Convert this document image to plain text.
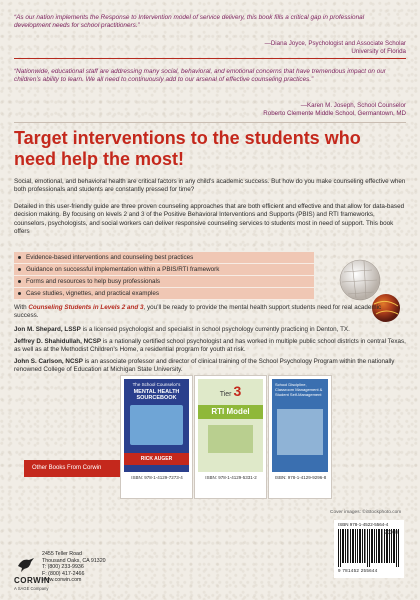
“As our nation implements the Response to Intervention model of service delivery, this book fills a critical gap in professional development needs for school practitioners.”
—Diana Joyce, Psychologist and Associate Scholar
University of Florida
“Nationwide, educational staff are addressing many social, behavioral, and emotional concerns that have tremendous impact on our children’s ability to learn. We all need to continuously add to our arsenal of effective counseling practices.”
—Karen M. Joseph, School Counselor
Roberto Clemente Middle School, Germantown, MD
Target interventions to the students who need help the most!
Social, emotional, and behavioral health are critical factors in any child’s academic success. But how do you make counseling effective when both professionals and students are constantly pressed for time?
Detailed in this user-friendly guide are three proven counseling approaches that are both efficient and effective and that allow for data-based decision making. By focusing on levels 2 and 3 of the Positive Behavioral Interventions and Supports (PBIS) and RTI frameworks, counselors, psychologists, and social workers can deliver responsive counseling services to students most in need of support. This book offers
Evidence-based interventions and counseling best practices
Guidance on successful implementation within a PBIS/RTI framework
Forms and resources to help busy professionals
Case studies, vignettes, and practical examples
With Counseling Students in Levels 2 and 3, you’ll be ready to provide the mental health support students need for real academic success.
Jon M. Shepard, LSSP is a licensed psychologist and specialist in school psychology currently practicing in Denton, TX.
Jeffrey D. Shahidullah, NCSP is a nationally certified school psychologist and has worked in multiple public school districts in central Texas, as well as at the Methodist Children’s Home, a residential program for youth at risk.
John S. Carlson, NCSP is an associate professor and director of clinical training of the School Psychology Program within the nationally renowned College of Education at Michigan State University.
Other Books From Corwin
The School Counselor’s
MENTAL HEALTH SOURCEBOOK
RICK AUGER
ISBN: 978-1-4129-7273-4
Tier 3
RTI Model
ISBN: 978-1-4129-5331-2
School Discipline, Classroom Management & Student Self-Management
ISBN: 978-1-4129-9296-8
Cover images: ©iStockphoto.com
ISBN 978-1-4522-5564-4
9 781452 255644
90000
CORWIN
A SAGE Company
2455 Teller Road
Thousand Oaks, CA 91320
T: (800) 233-9936
F: (800) 417-2466
www.corwin.com
